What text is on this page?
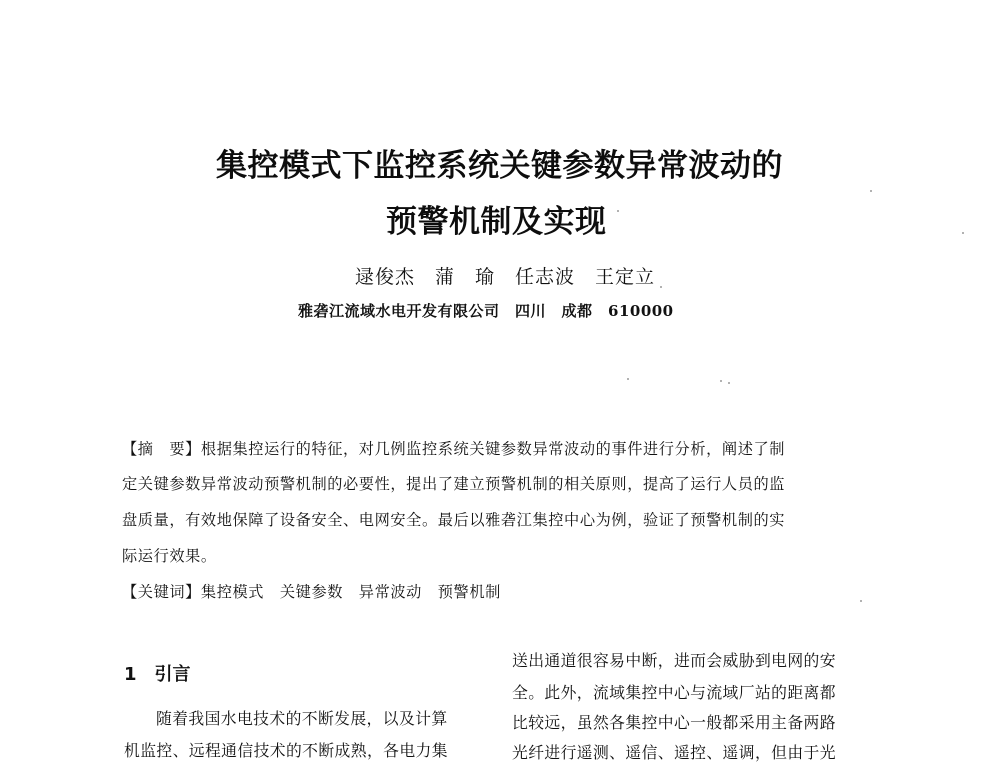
集控模式下监控系统关键参数异常波动的
预警机制及实现
逯俊杰　蒲　瑜　任志波　王定立
雅砻江流域水电开发有限公司　四川　成都　610000
【摘　要】根据集控运行的特征，对几例监控系统关键参数异常波动的事件进行分析，阐述了制
定关键参数异常波动预警机制的必要性，提出了建立预警机制的相关原则，提高了运行人员的监
盘质量，有效地保障了设备安全、电网安全。最后以雅砻江集控中心为例，验证了预警机制的实
际运行效果。
【关键词】集控模式　关键参数　异常波动　预警机制
1　引言
随着我国水电技术的不断发展，以及计算
机监控、远程通信技术的不断成熟，各电力集
送出通道很容易中断，进而会威胁到电网的安
全。此外，流域集控中心与流域厂站的距离都
比较远，虽然各集控中心一般都采用主备两路
光纤进行遥测、遥信、遥控、遥调，但由于光
